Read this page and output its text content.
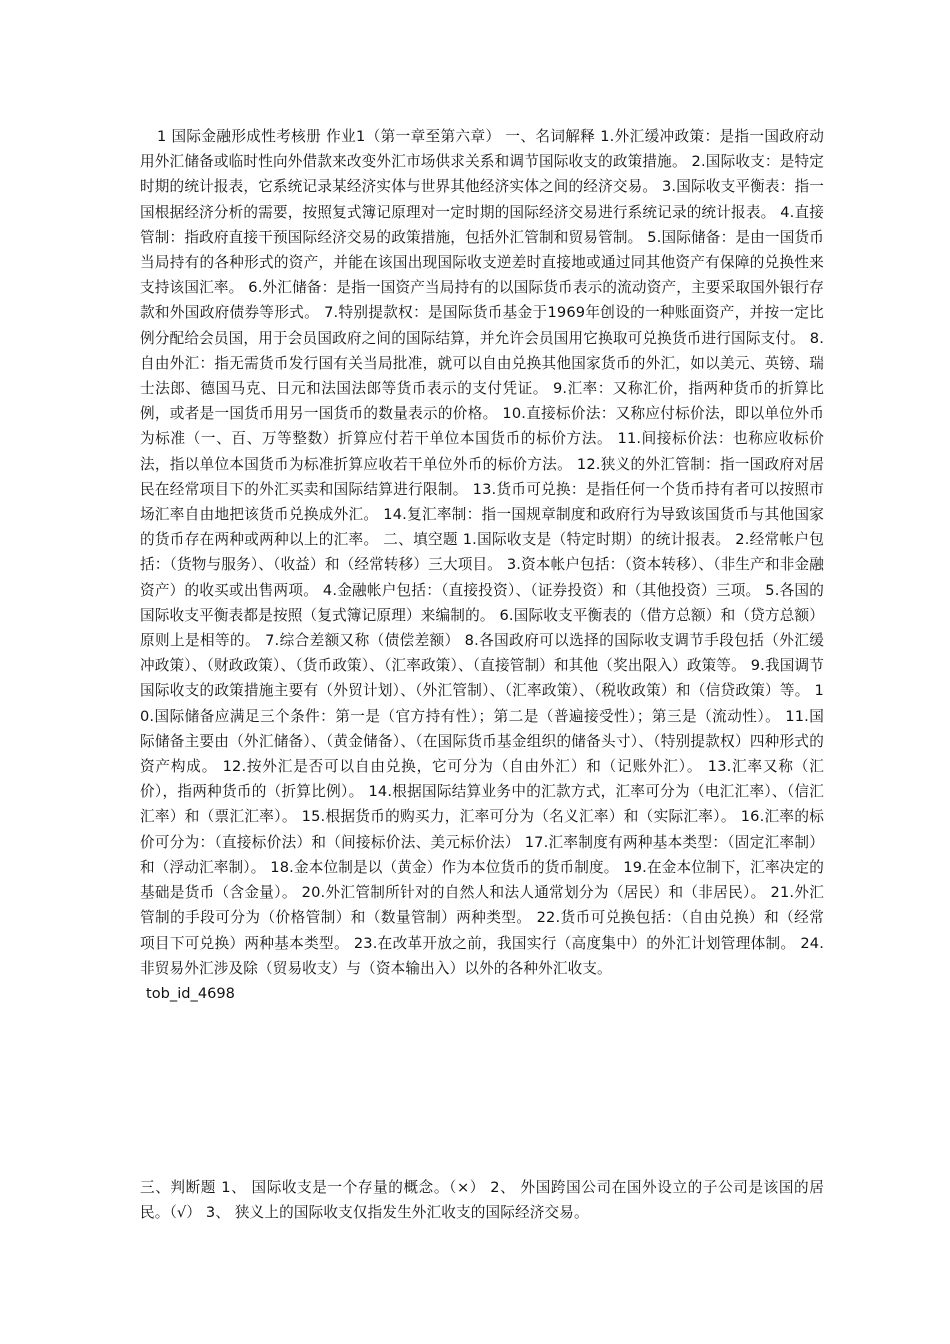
1 国际金融形成性考核册 作业1（第一章至第六章） 一、名词解释 1.外汇缓冲政策：是指一国政府动用外汇储备或临时性向外借款来改变外汇市场供求关系和调节国际收支的政策措施。 2.国际收支：是特定时期的统计报表，它系统记录某经济实体与世界其他经济实体之间的经济交易。 3.国际收支平衡表：指一国根据经济分析的需要，按照复式簿记原理对一定时期的国际经济交易进行系统记录的统计报表。 4.直接管制：指政府直接干预国际经济交易的政策措施，包括外汇管制和贸易管制。 5.国际储备：是由一国货币当局持有的各种形式的资产，并能在该国出现国际收支逆差时直接地或通过同其他资产有保障的兑换性来支持该国汇率。 6.外汇储备：是指一国资产当局持有的以国际货币表示的流动资产，主要采取国外银行存款和外国政府债券等形式。 7.特别提款权：是国际货币基金于1969年创设的一种账面资产，并按一定比例分配给会员国，用于会员国政府之间的国际结算，并允许会员国用它换取可兑换货币进行国际支付。 8.自由外汇：指无需货币发行国有关当局批准，就可以自由兑换其他国家货币的外汇，如以美元、英镑、瑞士法郎、德国马克、日元和法国法郎等货币表示的支付凭证。 9.汇率：又称汇价，指两种货币的折算比例，或者是一国货币用另一国货币的数量表示的价格。 10.直接标价法：又称应付标价法，即以单位外币为标准（一、百、万等整数）折算应付若干单位本国货币的标价方法。 11.间接标价法：也称应收标价法，指以单位本国货币为标准折算应收若干单位外币的标价方法。 12.狭义的外汇管制：指一国政府对居民在经常项目下的外汇买卖和国际结算进行限制。 13.货币可兑换：是指任何一个货币持有者可以按照市场汇率自由地把该货币兑换成外汇。 14.复汇率制：指一国规章制度和政府行为导致该国货币与其他国家的货币存在两种或两种以上的汇率。 二、填空题 1.国际收支是（特定时期）的统计报表。 2.经常帐户包括：（货物与服务）、（收益）和（经常转移）三大项目。 3.资本帐户包括：（资本转移）、（非生产和非金融资产）的收买或出售两项。 4.金融帐户包括：（直接投资）、（证券投资）和（其他投资）三项。 5.各国的国际收支平衡表都是按照（复式簿记原理）来编制的。 6.国际收支平衡表的（借方总额）和（贷方总额）原则上是相等的。 7.综合差额又称（债偿差额） 8.各国政府可以选择的国际收支调节手段包括（外汇缓冲政策）、（财政政策）、（货币政策）、（汇率政策）、（直接管制）和其他（奖出限入）政策等。 9.我国调节国际收支的政策措施主要有（外贸计划）、（外汇管制）、（汇率政策）、（税收政策）和（信贷政策）等。 10.国际储备应满足三个条件：第一是（官方持有性）；第二是（普遍接受性）；第三是（流动性）。 11.国际储备主要由（外汇储备）、（黄金储备）、（在国际货币基金组织的储备头寸）、（特别提款权）四种形式的资产构成。 12.按外汇是否可以自由兑换，它可分为（自由外汇）和（记账外汇）。 13.汇率又称（汇价），指两种货币的（折算比例）。 14.根据国际结算业务中的汇款方式，汇率可分为（电汇汇率）、（信汇汇率）和（票汇汇率）。 15.根据货币的购买力，汇率可分为（名义汇率）和（实际汇率）。 16.汇率的标价可分为：（直接标价法）和（间接标价法、美元标价法） 17.汇率制度有两种基本类型：（固定汇率制）和（浮动汇率制）。 18.金本位制是以（黄金）作为本位货币的货币制度。 19.在金本位制下，汇率决定的基础是货币（含金量）。 20.外汇管制所针对的自然人和法人通常划分为（居民）和（非居民）。 21.外汇管制的手段可分为（价格管制）和（数量管制）两种类型。 22.货币可兑换包括：（自由兑换）和（经常项目下可兑换）两种基本类型。 23.在改革开放之前，我国实行（高度集中）的外汇计划管理体制。 24.非贸易外汇涉及除（贸易收支）与（资本输出入）以外的各种外汇收支。

tob_id_4698

三、判断题 1、 国际收支是一个存量的概念。（×） 2、 外国跨国公司在国外设立的子公司是该国的居民。（√） 3、 狭义上的国际收支仅指发生外汇收支的国际经济交易。
